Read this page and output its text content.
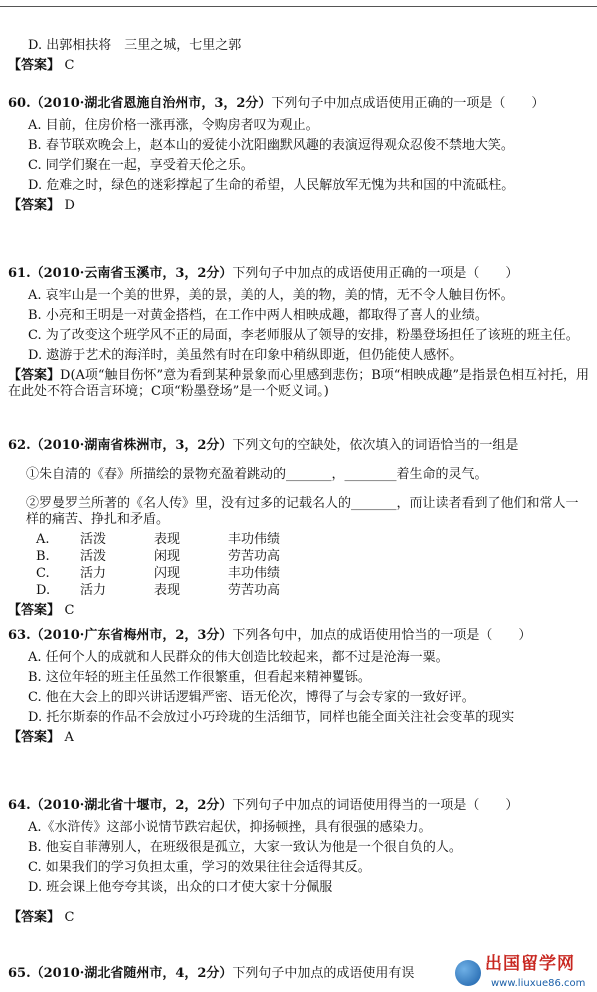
D. 出郭相扶将　三里之城，七里之郭

【答案】 C

60.（2010·湖北省恩施自治州市，3，2分）下列句子中加点成语使用正确的一项是（　　）

A. 目前，住房价格一涨再涨，令购房者叹为观止。

B. 春节联欢晚会上，赵本山的爱徒小沈阳幽默风趣的表演逗得观众忍俊不禁地大笑。

C. 同学们聚在一起，享受着天伦之乐。

D. 危难之时，绿色的迷彩撑起了生命的希望，人民解放军无愧为共和国的中流砥柱。

【答案】 D

61.（2010·云南省玉溪市，3，2分）下列句子中加点的成语使用正确的一项是（　　）

A. 哀牢山是一个美的世界，美的景，美的人，美的物，美的情，无不令人触目伤怀。

B. 小亮和王明是一对黄金搭档，在工作中两人相映成趣，都取得了喜人的业绩。

C. 为了改变这个班学风不正的局面，李老师服从了领导的安排，粉墨登场担任了该班的班主任。

D. 遨游于艺术的海洋时，美虽然有时在印象中稍纵即逝，但仍能使人感怀。

【答案】D(A项“触目伤怀”意为看到某种景象而心里感到悲伤；B项“相映成趣”是指景色相互衬托，用在此处不符合语言环境；C项“粉墨登场”是一个贬义词。)

62.（2010·湖南省株洲市，3，2分）下列文句的空缺处，依次填入的词语恰当的一组是

①朱自清的《春》所描绘的景物充盈着跳动的_______，________着生命的灵气。

②罗曼罗兰所著的《名人传》里，没有过多的记载名人的_______，而让读者看到了他们和常人一样的痛苦、挣扎和矛盾。

A. 活泼	表现	丰功伟绩

B. 活泼	闲现	劳苦功高

C. 活力	闪现	丰功伟绩

D. 活力	表现	劳苦功高

【答案】 C

63.（2010·广东省梅州市，2，3分）下列各句中，加点的成语使用恰当的一项是（　　）

A. 任何个人的成就和人民群众的伟大创造比较起来，都不过是沧海一粟。

B. 这位年轻的班主任虽然工作很繁重，但看起来精神矍铄。

C. 他在大会上的即兴讲话逻辑严密、语无伦次，博得了与会专家的一致好评。

D. 托尔斯泰的作品不会放过小巧玲珑的生活细节，同样也能全面关注社会变革的现实

【答案】 A

64.（2010·湖北省十堰市，2，2分）下列句子中加点的词语使用得当的一项是（　　）

A.《水浒传》这部小说情节跌宕起伏，抑扬顿挫，具有很强的感染力。

B. 他妄自菲薄别人，在班级很是孤立，大家一致认为他是一个很自负的人。

C. 如果我们的学习负担太重，学习的效果往往会适得其反。

D. 班会课上他夸夸其谈，出众的口才使大家十分佩服

【答案】 C

65.（2010·湖北省随州市，4，2分）下列句子中加点的成语使用有误	出国留学网
www.liuxue86.com
